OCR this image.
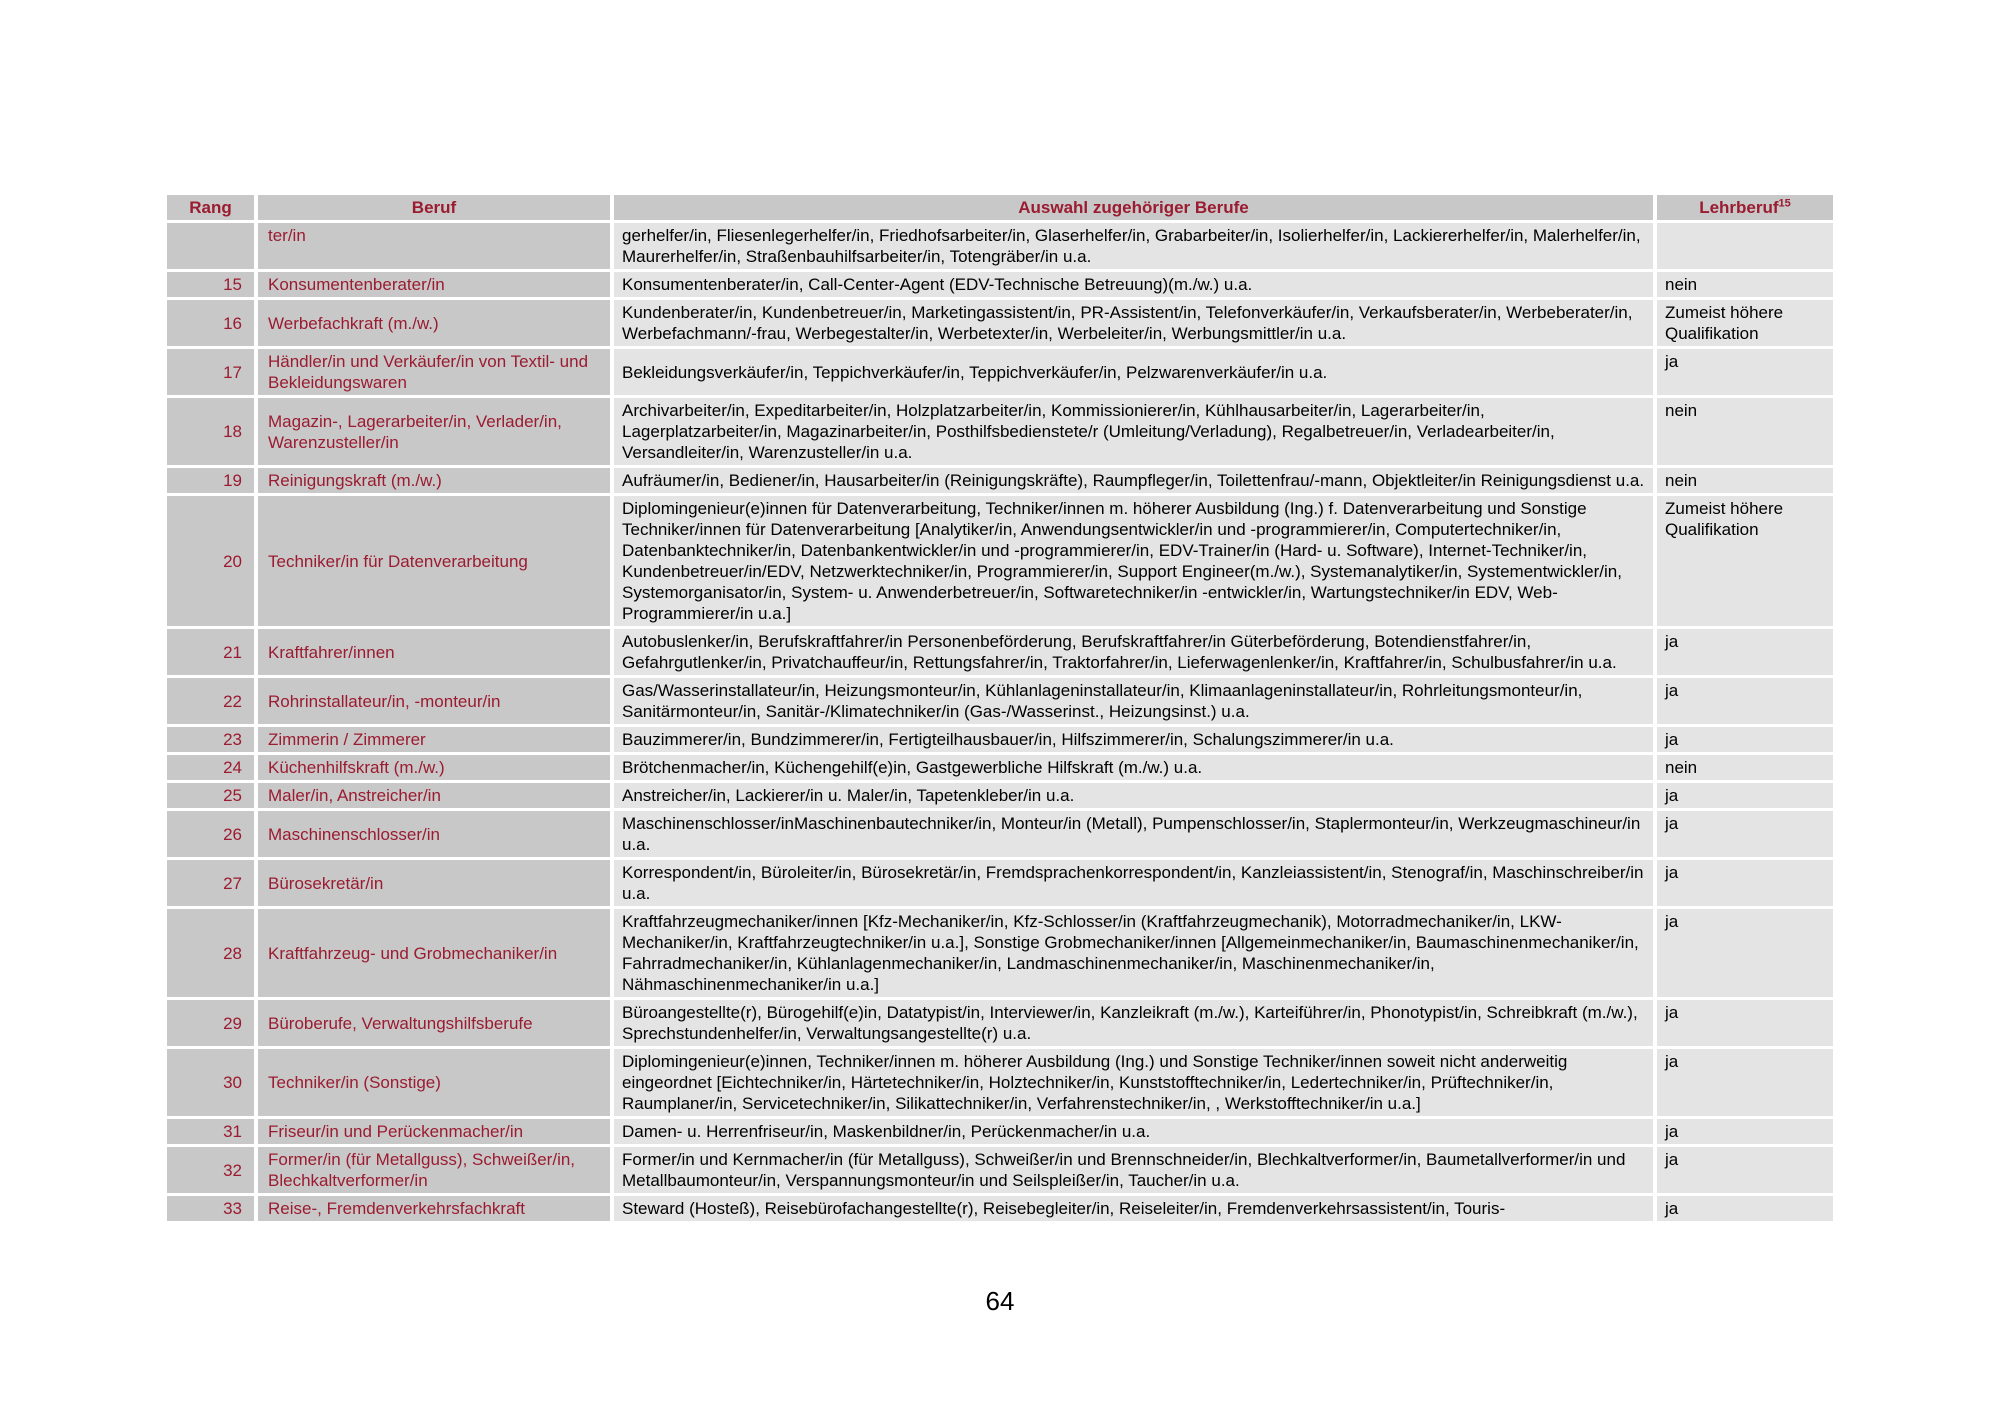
Rang	Beruf	Auswahl zugehöriger Berufe	Lehrberuf$^{15}$
	ter/in	gerhelfer/in, Fliesenlegerhelfer/in, Friedhofsarbeiter/in, Glaserhelfer/in, Grabarbeiter/in, Isolierhelfer/in, Lackiererhelfer/in, Malerhelfer/in, Maurerhelfer/in, Straßenbauhilfsarbeiter/in, Totengräber/in u.a.	
15	Konsumentenberater/in	Konsumentenberater/in, Call-Center-Agent (EDV-Technische Betreuung)(m./w.) u.a.	nein
16	Werbefachkraft (m./w.)	Kundenberater/in, Kundenbetreuer/in, Marketingassistent/in, PR-Assistent/in, Telefonverkäufer/in, Verkaufsberater/in, Werbeberater/in, Werbefachmann/-frau, Werbegestalter/in, Werbetexter/in, Werbeleiter/in, Werbungsmittler/in u.a.	Zumeist höhere Qualifikation
17	Händler/in und Verkäufer/in von Textil- und Bekleidungswaren	Bekleidungsverkäufer/in, Teppichverkäufer/in, Teppichverkäufer/in, Pelzwarenverkäufer/in u.a.	ja
18	Magazin-, Lagerarbeiter/in, Verlader/in, Warenzusteller/in	Archivarbeiter/in, Expeditarbeiter/in, Holzplatzarbeiter/in, Kommissionierer/in, Kühlhausarbeiter/in, Lagerarbeiter/in, Lagerplatzarbeiter/in, Magazinarbeiter/in, Posthilfsbedienstete/r (Umleitung/Verladung), Regalbetreuer/in, Verladearbeiter/in, Versandleiter/in, Warenzusteller/in u.a.	nein
19	Reinigungskraft (m./w.)	Aufräumer/in, Bediener/in, Hausarbeiter/in (Reinigungskräfte), Raumpfleger/in, Toilettenfrau/-mann, Objektleiter/in Reinigungsdienst u.a.	nein
20	Techniker/in für Datenverarbeitung	Diplomingenieur(e)innen für Datenverarbeitung, Techniker/innen m. höherer Ausbildung (Ing.) f. Datenverarbeitung und Sonstige Techniker/innen für Datenverarbeitung [Analytiker/in, Anwendungsentwickler/in und -programmierer/in, Computertechniker/in, Datenbanktechniker/in, Datenbankentwickler/in und -programmierer/in, EDV-Trainer/in (Hard- u. Software), Internet-Techniker/in, Kundenbetreuer/in/EDV, Netzwerktechniker/in, Programmierer/in, Support Engineer(m./w.), Systemanalytiker/in, Systementwickler/in, Systemorganisator/in, System- u. Anwenderbetreuer/in, Softwaretechniker/in -entwickler/in, Wartungstechniker/in EDV, Web-Programmierer/in u.a.]	Zumeist höhere Qualifikation
21	Kraftfahrer/innen	Autobuslenker/in, Berufskraftfahrer/in Personenbeförderung, Berufskraftfahrer/in Güterbeförderung, Botendienstfahrer/in, Gefahrgutlenker/in, Privatchauffeur/in, Rettungsfahrer/in, Traktorfahrer/in, Lieferwagenlenker/in, Kraftfahrer/in, Schulbusfahrer/in u.a.	ja
22	Rohrinstallateur/in, -monteur/in	Gas/Wasserinstallateur/in, Heizungsmonteur/in, Kühlanlageninstallateur/in, Klimaanlageninstallateur/in, Rohrleitungsmonteur/in, Sanitärmonteur/in, Sanitär-/Klimatechniker/in (Gas-/Wasserinst., Heizungsinst.) u.a.	ja
23	Zimmerin / Zimmerer	Bauzimmerer/in, Bundzimmerer/in, Fertigteilhausbauer/in, Hilfszimmerer/in, Schalungszimmerer/in u.a.	ja
24	Küchenhilfskraft (m./w.)	Brötchenmacher/in, Küchengehilf(e)in, Gastgewerbliche Hilfskraft (m./w.) u.a.	nein
25	Maler/in, Anstreicher/in	Anstreicher/in, Lackierer/in u. Maler/in, Tapetenkleber/in u.a.	ja
26	Maschinenschlosser/in	Maschinenschlosser/inMaschinenbautechniker/in, Monteur/in (Metall), Pumpenschlosser/in, Staplermonteur/in, Werkzeugmaschineur/in u.a.	ja
27	Bürosekretär/in	Korrespondent/in, Büroleiter/in, Bürosekretär/in, Fremdsprachenkorrespondent/in, Kanzleiassistent/in, Stenograf/in, Maschinschreiber/in u.a.	ja
28	Kraftfahrzeug- und Grobmechaniker/in	Kraftfahrzeugmechaniker/innen [Kfz-Mechaniker/in, Kfz-Schlosser/in (Kraftfahrzeugmechanik), Motorradmechaniker/in, LKW-Mechaniker/in, Kraftfahrzeugtechniker/in u.a.], Sonstige Grobmechaniker/innen [Allgemeinmechaniker/in, Baumaschinenmechaniker/in, Fahrradmechaniker/in, Kühlanlagenmechaniker/in, Landmaschinenmechaniker/in, Maschinenmechaniker/in, Nähmaschinenmechaniker/in u.a.]	ja
29	Büroberufe, Verwaltungshilfsberufe	Büroangestellte(r), Bürogehilf(e)in, Datatypist/in, Interviewer/in, Kanzleikraft (m./w.), Karteiführer/in, Phonotypist/in, Schreibkraft (m./w.), Sprechstundenhelfer/in, Verwaltungsangestellte(r) u.a.	ja
30	Techniker/in (Sonstige)	Diplomingenieur(e)innen, Techniker/innen m. höherer Ausbildung (Ing.) und Sonstige Techniker/innen soweit nicht anderweitig eingeordnet [Eichtechniker/in, Härtetechniker/in, Holztechniker/in, Kunststofftechniker/in, Ledertechniker/in, Prüftechniker/in, Raumplaner/in, Servicetechniker/in, Silikattechniker/in, Verfahrenstechniker/in, , Werkstofftechniker/in u.a.]	ja
31	Friseur/in und Perückenmacher/in	Damen- u. Herrenfriseur/in, Maskenbildner/in, Perückenmacher/in u.a.	ja
32	Former/in (für Metallguss), Schweißer/in, Blechkaltverformer/in	Former/in und Kernmacher/in (für Metallguss), Schweißer/in und Brennschneider/in, Blechkaltverformer/in, Baumetallverformer/in und Metallbaumonteur/in, Verspannungsmonteur/in und Seilspleißer/in, Taucher/in u.a.	ja
33	Reise-, Fremdenverkehrsfachkraft	Steward (Hosteß), Reisebürofachangestellte(r), Reisebegleiter/in, Reiseleiter/in, Fremdenverkehrsassistent/in, Touris-	ja
64
